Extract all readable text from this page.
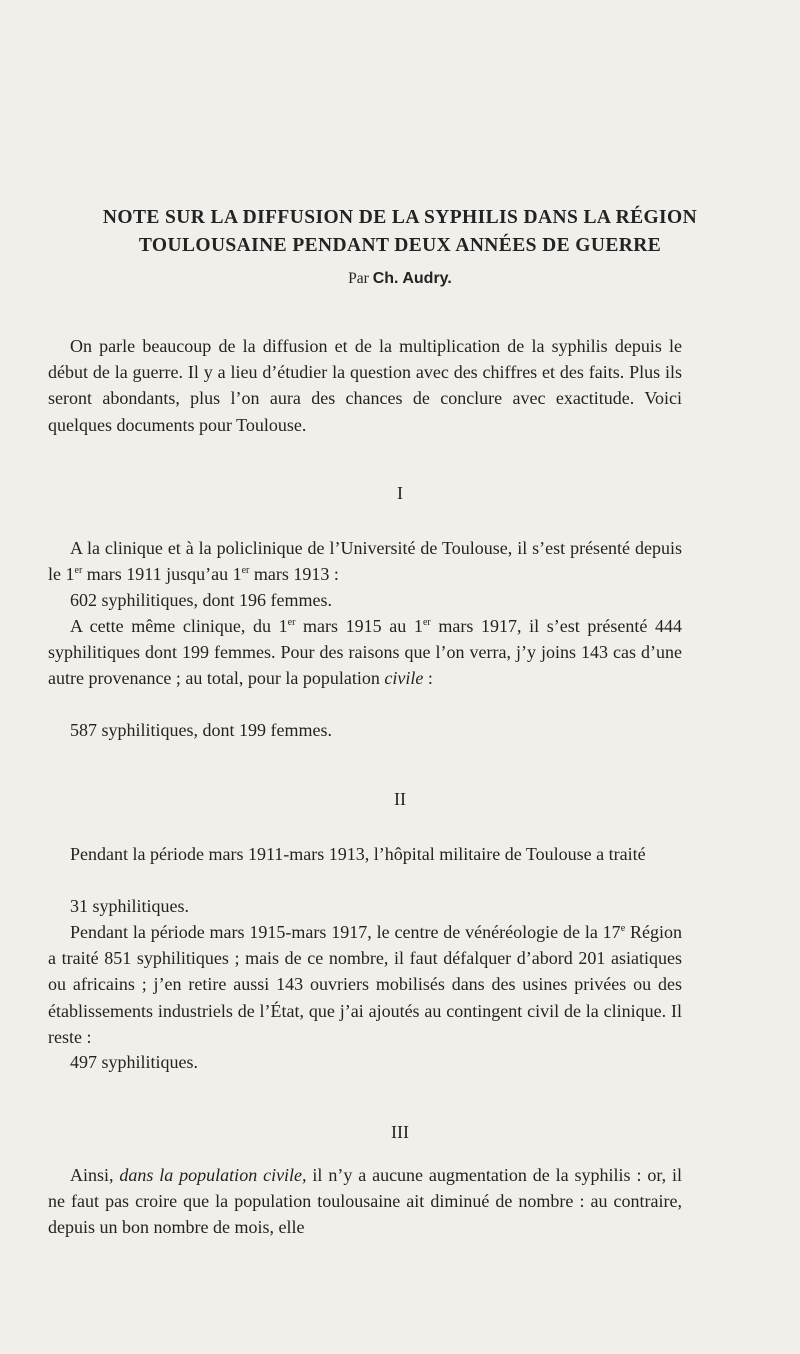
NOTE SUR LA DIFFUSION DE LA SYPHILIS DANS LA RÉGION
TOULOUSAINE PENDANT DEUX ANNÉES DE GUERRE

Par Ch. Audry.

On parle beaucoup de la diffusion et de la multiplication de la syphilis depuis le début de la guerre. Il y a lieu d’étudier la question avec des chiffres et des faits. Plus ils seront abondants, plus l’on aura des chances de conclure avec exactitude. Voici quelques documents pour Toulouse.

I

A la clinique et à la policlinique de l’Université de Toulouse, il s’est présenté depuis le 1er mars 1911 jusqu’au 1er mars 1913 :

602 syphilitiques, dont 196 femmes.

A cette même clinique, du 1er mars 1915 au 1er mars 1917, il s’est présenté 444 syphilitiques dont 199 femmes. Pour des raisons que l’on verra, j’y joins 143 cas d’une autre provenance ; au total, pour la population civile :

587 syphilitiques, dont 199 femmes.

II

Pendant la période mars 1911-mars 1913, l’hôpital militaire de Toulouse a traité

31 syphilitiques.

Pendant la période mars 1915-mars 1917, le centre de vénéréologie de la 17e Région a traité 851 syphilitiques ; mais de ce nombre, il faut défalquer d’abord 201 asiatiques ou africains ; j’en retire aussi 143 ouvriers mobilisés dans des usines privées ou des établissements industriels de l’État, que j’ai ajoutés au contingent civil de la clinique. Il reste :

497 syphilitiques.

III

Ainsi, dans la population civile, il n’y a aucune augmentation de la syphilis : or, il ne faut pas croire que la population toulousaine ait diminué de nombre : au contraire, depuis un bon nombre de mois, elle
